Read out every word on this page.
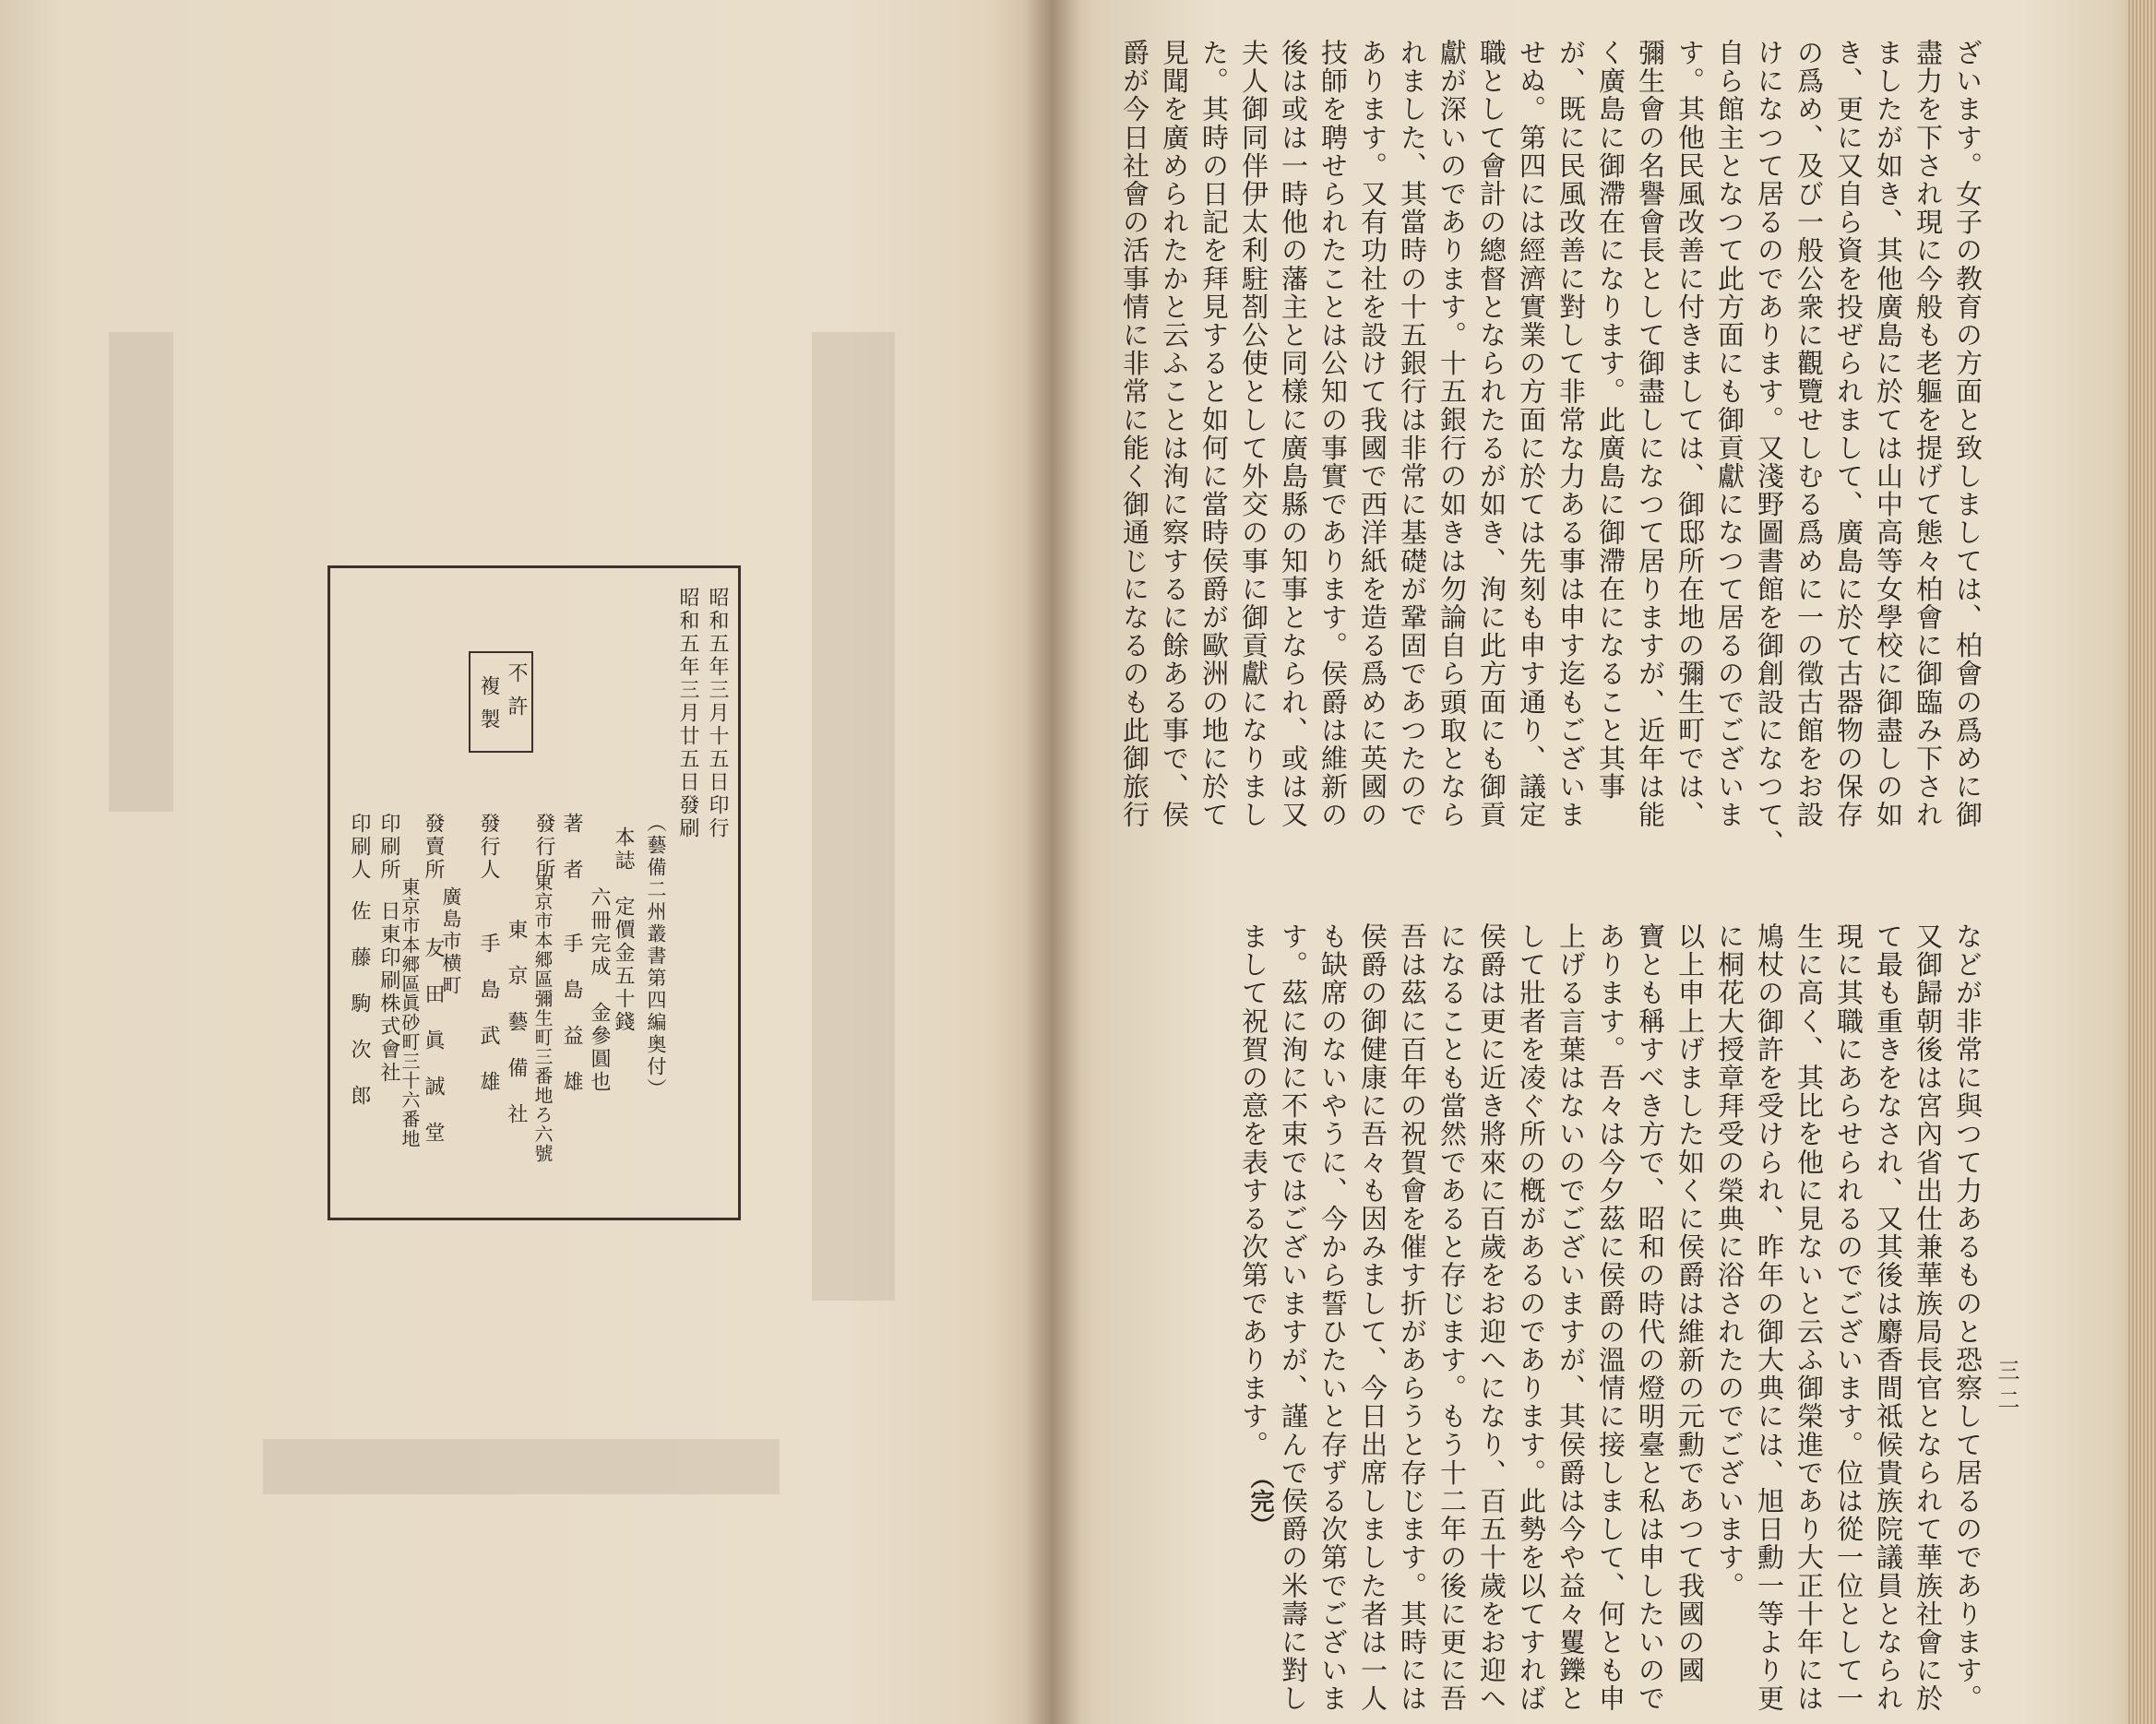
昭和五年三月十五日印行
昭和五年三月廿五日發刷
（藝備二州叢書第四編奥付）
本誌　定價金五十錢
　六冊完成　金參圓也
著　者
手　島　益　雄
發行所
東京市本郷區彌生町三番地ろ六號
東　京　藝　備　社
發行人
手　島　武　雄
廣島市横町
發賣所
友　田　眞　誠　堂
東京市本郷區眞砂町三十六番地
印刷所
日東印刷株式會社
印刷人
佐　藤　駒　次　郎
不許
複製	ざいます。女子の教育の方面と致しましては、柏會の爲めに御
盡力を下され現に今般も老軀を提げて態々柏會に御臨み下され
ましたが如き、其他廣島に於ては山中高等女學校に御盡しの如
き、更に又自ら資を投ぜられまして、廣島に於て古器物の保存
の爲め、及び一般公衆に觀覽せしむる爲めに一の徵古館をお設
けになつて居るのであります。又淺野圖書館を御創設になつて、
自ら館主となつて此方面にも御貢獻になつて居るのでございま
す。其他民風改善に付きましては、御邸所在地の彌生町では、
彌生會の名譽會長として御盡しになつて居りますが、近年は能
く廣島に御滯在になります。此廣島に御滯在になること其事
が、既に民風改善に對して非常な力ある事は申す迄もございま
せぬ。第四には經濟實業の方面に於ては先刻も申す通り、議定
職として會計の總督となられたるが如き、洵に此方面にも御貢
獻が深いのであります。十五銀行の如きは勿論自ら頭取となら
れました、其當時の十五銀行は非常に基礎が鞏固であつたので
あります。又有功社を設けて我國で西洋紙を造る爲めに英國の
技師を聘せられたことは公知の事實であります。侯爵は維新の
後は或は一時他の藩主と同樣に廣島縣の知事となられ、或は又
夫人御同伴伊太利駐剳公使として外交の事に御貢獻になりまし
た。其時の日記を拜見すると如何に當時侯爵が歐洲の地に於て
見聞を廣められたかと云ふことは洵に察するに餘ある事で、侯
爵が今日社會の活事情に非常に能く御通じになるのも此御旅行
などが非常に與つて力あるものと恐察して居るのであります。
又御歸朝後は宮內省出仕兼華族局長官となられて華族社會に於
て最も重きをなされ、又其後は麝香間祗候貴族院議員となられ
現に其職にあらせられるのでございます。位は從一位として一
生に高く、其比を他に見ないと云ふ御榮進であり大正十年には
鳩杖の御許を受けられ、昨年の御大典には、旭日勳一等より更
に桐花大授章拜受の榮典に浴されたのでございます。
以上申上げました如くに侯爵は維新の元勳であつて我國の國
寶とも稱すべき方で、昭和の時代の燈明臺と私は申したいので
あります。吾々は今夕茲に侯爵の溫情に接しまして、何とも申
上げる言葉はないのでございますが、其侯爵は今や益々矍鑠と
して壯者を凌ぐ所の槪があるのであります。此勢を以てすれば
侯爵は更に近き將來に百歲をお迎へになり、百五十歲をお迎へ
になることも當然であると存じます。もう十二年の後に更に吾
吾は茲に百年の祝賀會を催す折があらうと存じます。其時には
侯爵の御健康に吾々も因みまして、今日出席しました者は一人
も缺席のないやうに、今から誓ひたいと存ずる次第でございま
す。茲に洵に不束ではございますが、謹んで侯爵の米壽に對し
まして祝賀の意を表する次第であります。	三二
（完）
